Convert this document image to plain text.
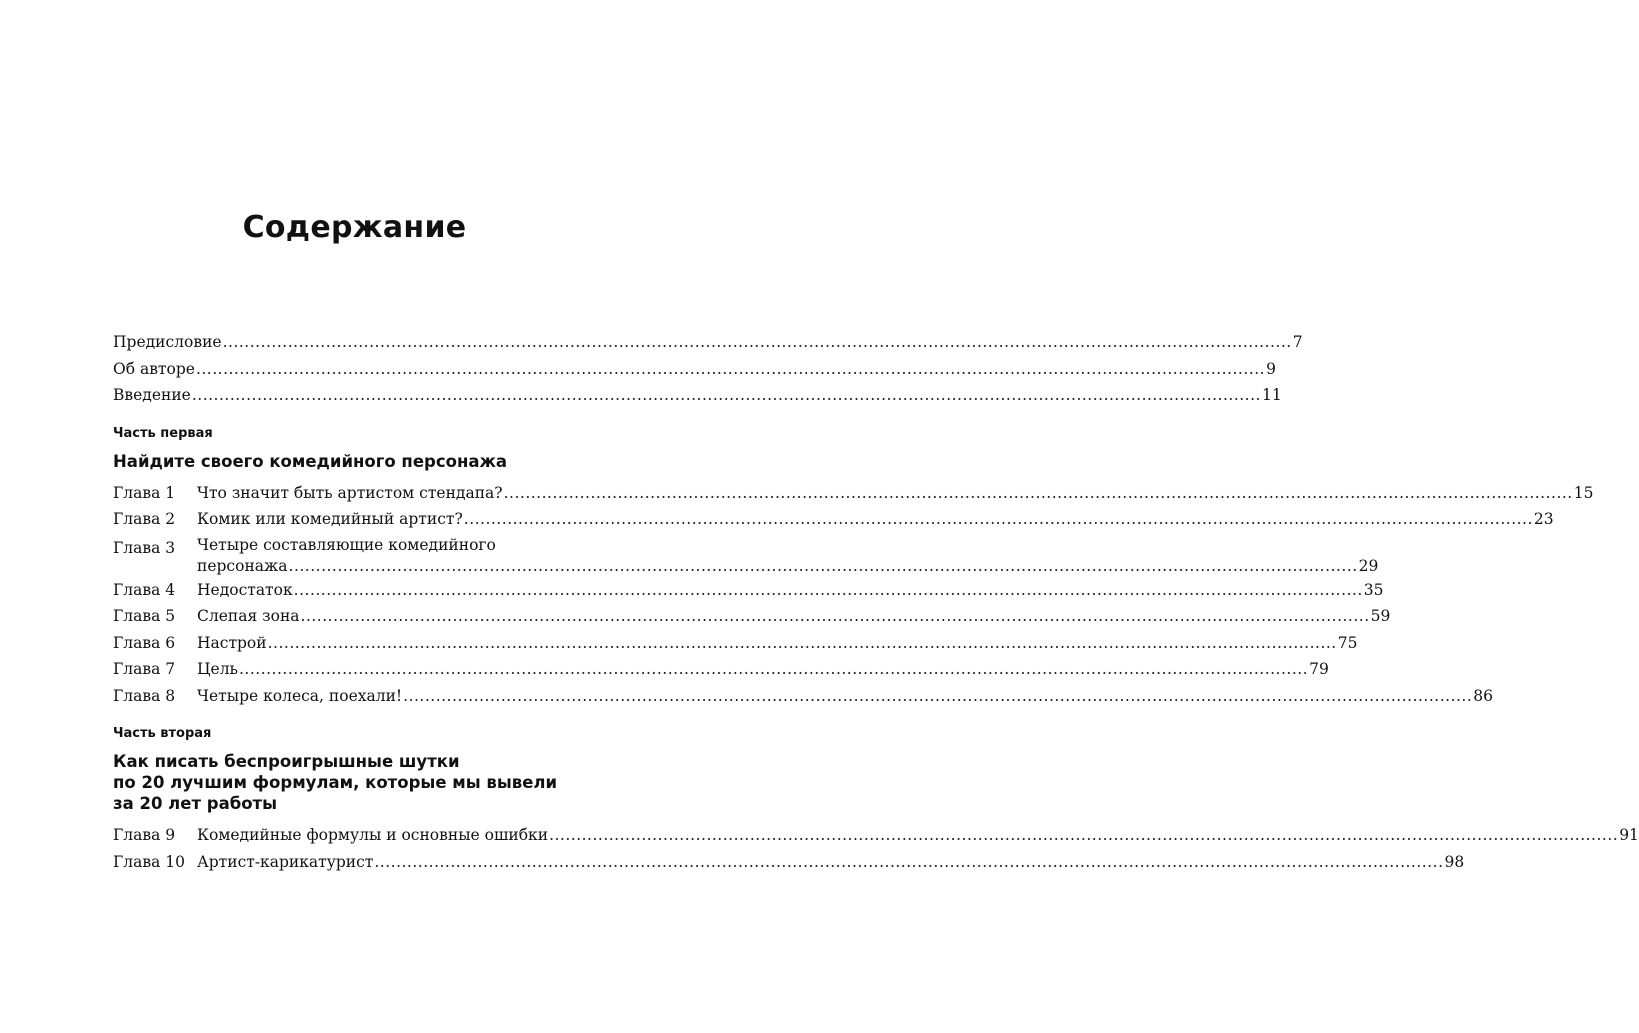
Содержание
Предисловие .....	7
Об авторе .....	9
Введение .....	11
Часть первая
Найдите своего комедийного персонажа
Глава 1	Что значит быть артистом стендапа? .....	15
Глава 2	Комик или комедийный артист? .....	23
Глава 3	Четыре составляющие комедийного
персонажа .....	29
Глава 4	Недостаток .....	35
Глава 5	Слепая зона .....	59
Глава 6	Настрой .....	75
Глава 7	Цель .....	79
Глава 8	Четыре колеса, поехали! .....	86
Часть вторая
Как писать беспроигрышные шутки
по 20 лучшим формулам, которые мы вывели
за 20 лет работы
Глава 9	Комедийные формулы и основные ошибки .....	91
Глава 10 Артист-карикатурист .....	98
